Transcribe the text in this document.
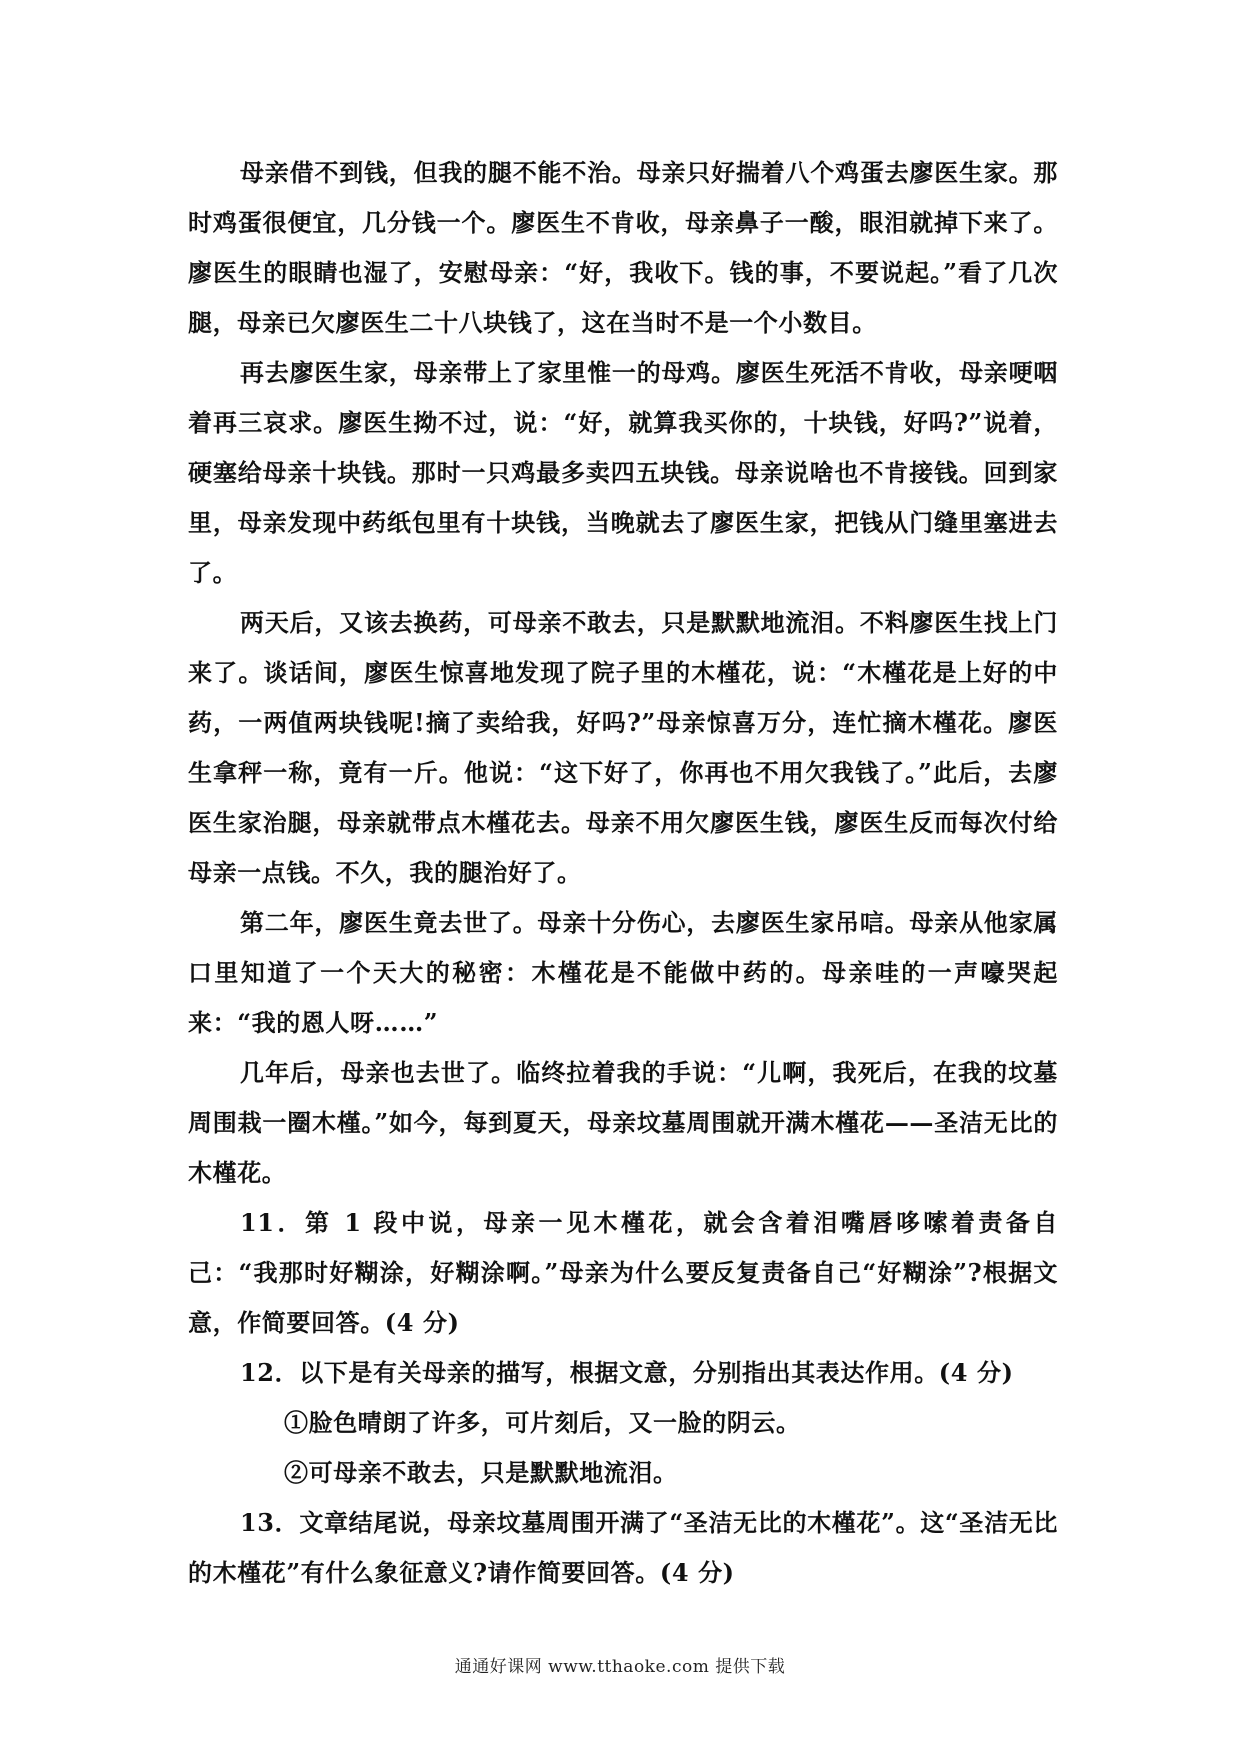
母亲借不到钱，但我的腿不能不治。母亲只好揣着八个鸡蛋去廖医生家。那时鸡蛋很便宜，几分钱一个。廖医生不肯收，母亲鼻子一酸，眼泪就掉下来了。廖医生的眼睛也湿了，安慰母亲：“好，我收下。钱的事，不要说起。”看了几次腿，母亲已欠廖医生二十八块钱了，这在当时不是一个小数目。

再去廖医生家，母亲带上了家里惟一的母鸡。廖医生死活不肯收，母亲哽咽着再三哀求。廖医生拗不过，说：“好，就算我买你的，十块钱，好吗?”说着，硬塞给母亲十块钱。那时一只鸡最多卖四五块钱。母亲说啥也不肯接钱。回到家里，母亲发现中药纸包里有十块钱，当晚就去了廖医生家，把钱从门缝里塞进去了。

两天后，又该去换药，可母亲不敢去，只是默默地流泪。不料廖医生找上门来了。谈话间，廖医生惊喜地发现了院子里的木槿花，说：“木槿花是上好的中药，一两值两块钱呢!摘了卖给我，好吗?”母亲惊喜万分，连忙摘木槿花。廖医生拿秤一称，竟有一斤。他说：“这下好了，你再也不用欠我钱了。”此后，去廖医生家治腿，母亲就带点木槿花去。母亲不用欠廖医生钱，廖医生反而每次付给母亲一点钱。不久，我的腿治好了。

第二年，廖医生竟去世了。母亲十分伤心，去廖医生家吊唁。母亲从他家属口里知道了一个天大的秘密：木槿花是不能做中药的。母亲哇的一声嚎哭起来：“我的恩人呀……”

几年后，母亲也去世了。临终拉着我的手说：“儿啊，我死后，在我的坟墓周围栽一圈木槿。”如今，每到夏天，母亲坟墓周围就开满木槿花——圣洁无比的木槿花。

11．第 1 段中说，母亲一见木槿花，就会含着泪嘴唇哆嗦着责备自己：“我那时好糊涂，好糊涂啊。”母亲为什么要反复责备自己“好糊涂”?根据文意，作简要回答。(4 分)

12．以下是有关母亲的描写，根据文意，分别指出其表达作用。(4 分)

①脸色晴朗了许多，可片刻后，又一脸的阴云。

②可母亲不敢去，只是默默地流泪。

13．文章结尾说，母亲坟墓周围开满了“圣洁无比的木槿花”。这“圣洁无比的木槿花”有什么象征意义?请作简要回答。(4 分)

通通好课网 www.tthaoke.com 提供下载
